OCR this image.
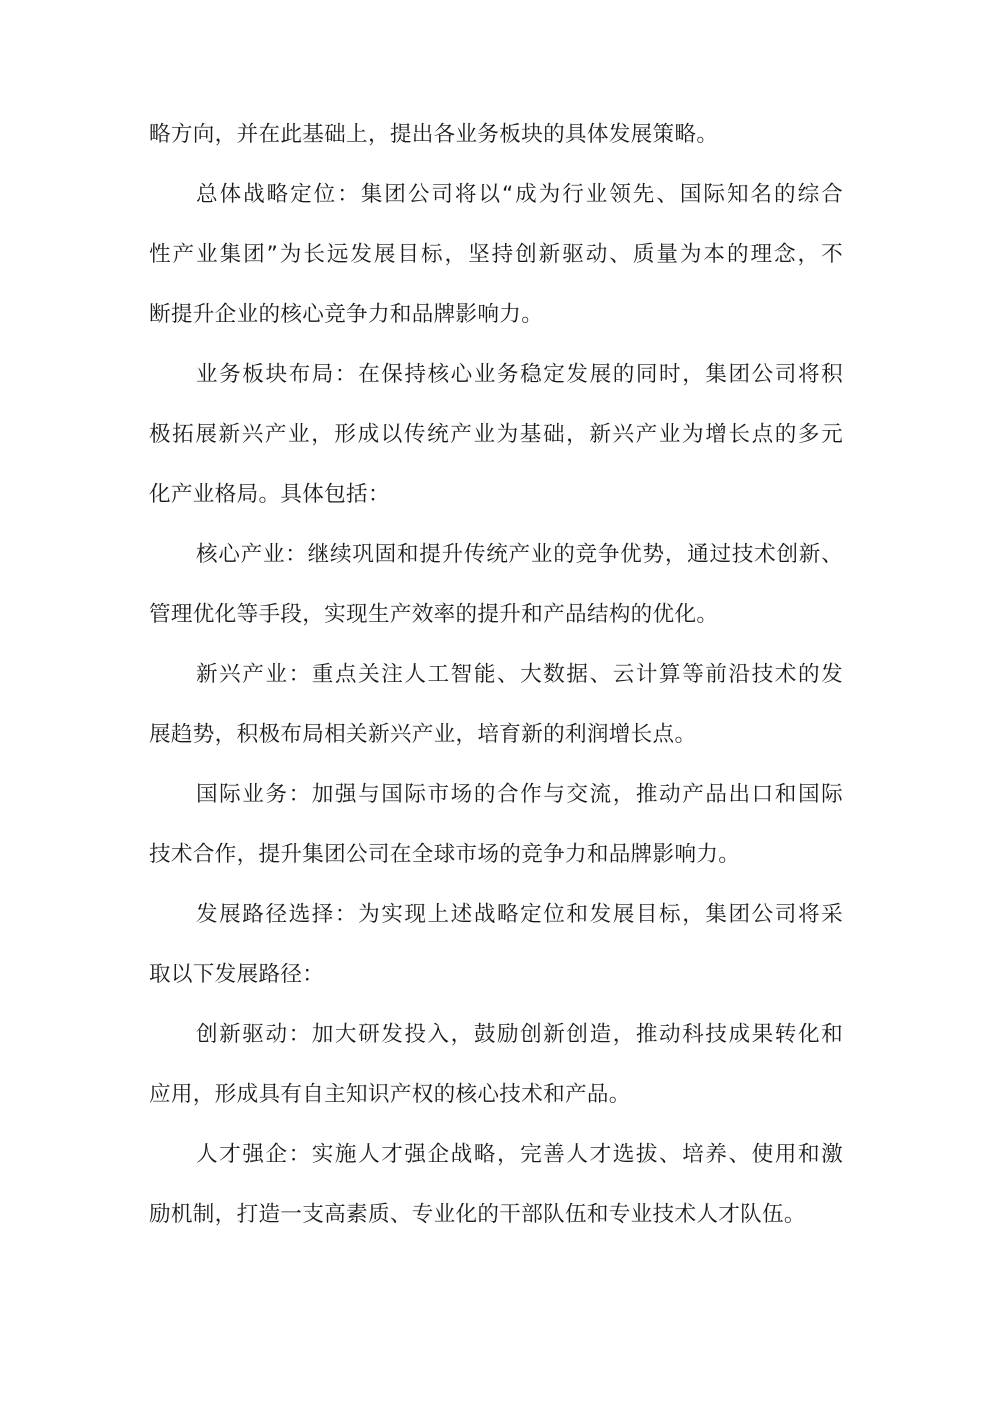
略方向，并在此基础上，提出各业务板块的具体发展策略。
总体战略定位：集团公司将以“成为行业领先、国际知名的综合
性产业集团”为长远发展目标，坚持创新驱动、质量为本的理念，不
断提升企业的核心竞争力和品牌影响力。
业务板块布局：在保持核心业务稳定发展的同时，集团公司将积
极拓展新兴产业，形成以传统产业为基础，新兴产业为增长点的多元
化产业格局。具体包括：
核心产业：继续巩固和提升传统产业的竞争优势，通过技术创新、
管理优化等手段，实现生产效率的提升和产品结构的优化。
新兴产业：重点关注人工智能、大数据、云计算等前沿技术的发
展趋势，积极布局相关新兴产业，培育新的利润增长点。
国际业务：加强与国际市场的合作与交流，推动产品出口和国际
技术合作，提升集团公司在全球市场的竞争力和品牌影响力。
发展路径选择：为实现上述战略定位和发展目标，集团公司将采
取以下发展路径：
创新驱动：加大研发投入，鼓励创新创造，推动科技成果转化和
应用，形成具有自主知识产权的核心技术和产品。
人才强企：实施人才强企战略，完善人才选拔、培养、使用和激
励机制，打造一支高素质、专业化的干部队伍和专业技术人才队伍。
